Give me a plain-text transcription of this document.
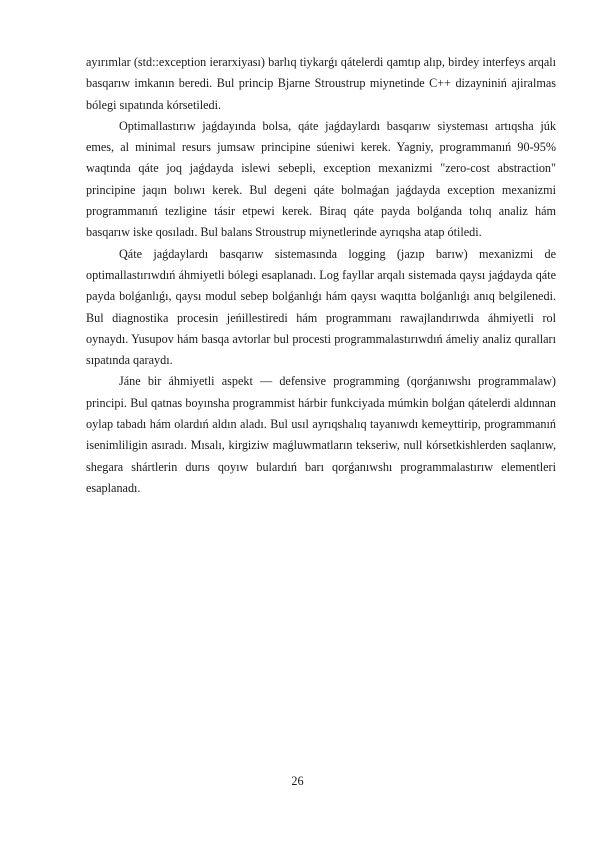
ayırımlar (std::exception ierarxiyası) barlıq tiykarǵı qátelerdi qamtıp alıp, birdey interfeys arqalı basqarıw imkanın beredi. Bul princip Bjarne Stroustrup miynetinde C++ dizayniniń ajiralmas bólegi sıpatında kórsetiledi.

Optimallastırıw jaǵdayında bolsa, qáte jaǵdaylardı basqarıw siysteması artıqsha júk emes, al minimal resurs jumsaw principine súeniwi kerek. Yagniy, programmanıń 90-95% waqtında qáte joq jaǵdayda islewi sebepli, exception mexanizmi "zero-cost abstraction" principine jaqın bolıwı kerek. Bul degeni qáte bolmaǵan jaǵdayda exception mexanizmi programmanıń tezligine tásir etpewi kerek. Biraq qáte payda bolǵanda tolıq analiz hám basqarıw iske qosıladı. Bul balans Stroustrup miynetlerinde ayrıqsha atap ótiledi.

Qáte jaǵdaylardı basqarıw sistemasında logging (jazıp barıw) mexanizmi de optimallastırıwdıń áhmiyetli bólegi esaplanadı. Log fayllar arqalı sistemada qaysı jaǵdayda qáte payda bolǵanlıǵı, qaysı modul sebep bolǵanlıǵı hám qaysı waqıtta bolǵanlıǵı anıq belgilenedi. Bul diagnostika procesin jeńillestiredi hám programmanı rawajlandırıwda áhmiyetli rol oynaydı. Yusupov hám basqa avtorlar bul procesti programmalastırıwdıń ámeliy analiz quralları sıpatında qaraydı.

Jáne bir áhmiyetli aspekt — defensive programming (qorǵanıwshı programmalaw) principi. Bul qatnas boyınsha programmist hárbir funkciyada múmkin bolǵan qátelerdi aldınnan oylap tabadı hám olardıń aldın aladı. Bul usıl ayrıqshalıq tayanıwdı kemeyttirip, programmanıń isenimliligin asıradı. Mısalı, kirgiziw maǵluwmatların tekseriw, null kórsetkishlerden saqlanıw, shegara shártlerin durıs qoyıw bulardıń barı qorǵanıwshı programmalastırıw elementleri esaplanadı.

26
